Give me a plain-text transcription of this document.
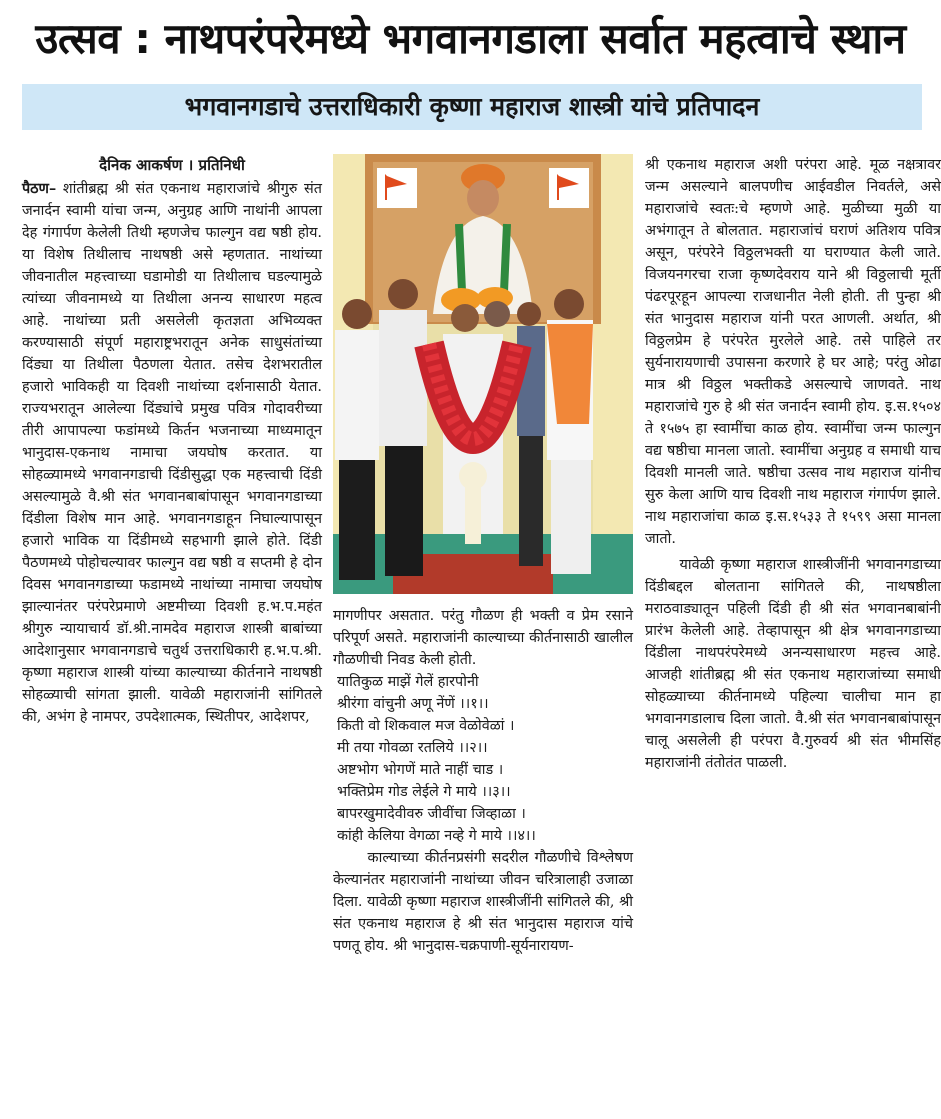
उत्सव : नाथपरंपरेमध्ये भगवानगडाला सर्वात महत्वाचे स्थान
भगवानगडाचे उत्तराधिकारी कृष्णा महाराज शास्त्री यांचे प्रतिपादन

दैनिक आकर्षण । प्रतिनिधी

पैठण– शांतीब्रह्म श्री संत एकनाथ महाराजांचे श्रीगुरु संत जनार्दन स्वामी यांचा जन्म, अनुग्रह आणि नाथांनी आपला देह गंगार्पण केलेली तिथी म्हणजेच फाल्गुन वद्य षष्ठी होय. या विशेष तिथीलाच नाथषष्ठी असे म्हणतात. नाथांच्या जीवनातील महत्त्वाच्या घडामोडी या तिथीलाच घडल्यामुळे त्यांच्या जीवनामध्ये या तिथीला अनन्य साधारण महत्व आहे. नाथांच्या प्रती असलेली कृतज्ञता अभिव्यक्त करण्यासाठी संपूर्ण महाराष्ट्रभरातून अनेक साधुसंतांच्या दिंड्या या तिथीला पैठणला येतात. तसेच देशभरातील हजारो भाविकही या दिवशी नाथांच्या दर्शनासाठी येतात. राज्यभरातून आलेल्या दिंड्यांचे प्रमुख पवित्र गोदावरीच्या तीरी आपापल्या फडांमध्ये किर्तन भजनाच्या माध्यमातून भानुदास-एकनाथ नामाचा जयघोष करतात. या सोहळ्यामध्ये भगवानगडाची दिंडीसुद्धा एक महत्त्वाची दिंडी असल्यामुळे वै.श्री संत भगवानबाबांपासून भगवानगडाच्या दिंडीला विशेष मान आहे. भगवानगडाहून निघाल्यापासून हजारो भाविक या दिंडीमध्ये सहभागी झाले होते. दिंडी पैठणमध्ये पोहोचल्यावर फाल्गुन वद्य षष्ठी व सप्तमी हे दोन दिवस भगवानगडाच्या फडामध्ये नाथांच्या नामाचा जयघोष झाल्यानंतर परंपरेप्रमाणे अष्टमीच्या दिवशी ह.भ.प.महंत श्रीगुरु न्यायाचार्य डॉ.श्री.नामदेव महाराज शास्त्री बाबांच्या आदेशानुसार भगवानगडाचे चतुर्थ उत्तराधिकारी ह.भ.प.श्री. कृष्णा महाराज शास्त्री यांच्या काल्याच्या कीर्तनाने नाथषष्ठी सोहळ्याची सांगता झाली. यावेळी महाराजांनी सांगितले की, अभंग हे नामपर, उपदेशात्मक, स्थितीपर, आदेशपर,

मागणीपर असतात. परंतु गौळण ही भक्ती व प्रेम रसाने परिपूर्ण असते. महाराजांनी काल्याच्या कीर्तनासाठी खालील गौळणीची निवड केली होती.

यातिकुळ माझें गेलें हारपोनी

श्रीरंगा वांचुनी अणू नेंणें ।।१।।

किती वो शिकवाल मज वेळोवेळां ।

मी तया गोवळा रतलिये ।।२।।

अष्टभोग भोगणें माते नाहीं चाड ।

भक्तिप्रेम गोड लेईले गे माये ।।३।।

बापरखुमादेवीवरु जीवींचा जिव्हाळा ।

कांही केलिया वेगळा नव्हे गे माये ।।४।।

काल्याच्या कीर्तनप्रसंगी सदरील गौळणीचे विश्लेषण केल्यानंतर महाराजांनी नाथांच्या जीवन चरित्रालाही उजाळा दिला. यावेळी कृष्णा महाराज शास्त्रीजींनी सांगितले की, श्री संत एकनाथ महाराज हे श्री संत भानुदास महाराज यांचे पणतू होय. श्री भानुदास-चक्रपाणी-सूर्यनारायण-

श्री एकनाथ महाराज अशी परंपरा आहे. मूळ नक्षत्रावर जन्म असल्याने बालपणीच आईवडील निवर्तले, असे महाराजांचे स्वतः:चे म्हणणे आहे. मुळीच्या मुळी या अभंगातून ते बोलतात. महाराजांचं घराणं अतिशय पवित्र असून, परंपरेने विठ्ठलभक्ती या घराण्यात केली जाते. विजयनगरचा राजा कृष्णदेवराय याने श्री विठ्ठलाची मूर्ती पंढरपूरहून आपल्या राजधानीत नेली होती. ती पुन्हा श्री संत भानुदास महाराज यांनी परत आणली. अर्थात, श्री विठ्ठलप्रेम हे परंपरेत मुरलेले आहे. तसे पाहिले तर सुर्यनारायणाची उपासना करणारे हे घर आहे; परंतु ओढा मात्र श्री विठ्ठल भक्तीकडे असल्याचे जाणवते. नाथ महाराजांचे गुरु हे श्री संत जनार्दन स्वामी होय. इ.स.१५०४ ते १५७५ हा स्वामींचा काळ होय. स्वामींचा जन्म फाल्गुन वद्य षष्ठीचा मानला जातो. स्वामींचा अनुग्रह व समाधी याच दिवशी मानली जाते. षष्ठीचा उत्सव नाथ महाराज यांनीच सुरु केला आणि याच दिवशी नाथ महाराज गंगार्पण झाले. नाथ महाराजांचा काळ इ.स.१५३३ ते १५९९ असा मानला जातो.

यावेळी कृष्णा महाराज शास्त्रीजींनी भगवानगडाच्या दिंडीबद्दल बोलताना सांगितले की, नाथषष्ठीला मराठवाड्यातून पहिली दिंडी ही श्री संत भगवानबाबांनी प्रारंभ केलेली आहे. तेव्हापासून श्री क्षेत्र भगवानगडाच्या दिंडीला नाथपरंपरेमध्ये अनन्यसाधारण महत्त्व आहे. आजही शांतीब्रह्म श्री संत एकनाथ महाराजांच्या समाधी सोहळ्याच्या कीर्तनामध्ये पहिल्या चालीचा मान हा भगवानगडालाच दिला जातो. वै.श्री संत भगवानबाबांपासून चालू असलेली ही परंपरा वै.गुरुवर्य श्री संत भीमसिंह महाराजांनी तंतोतंत पाळली.
